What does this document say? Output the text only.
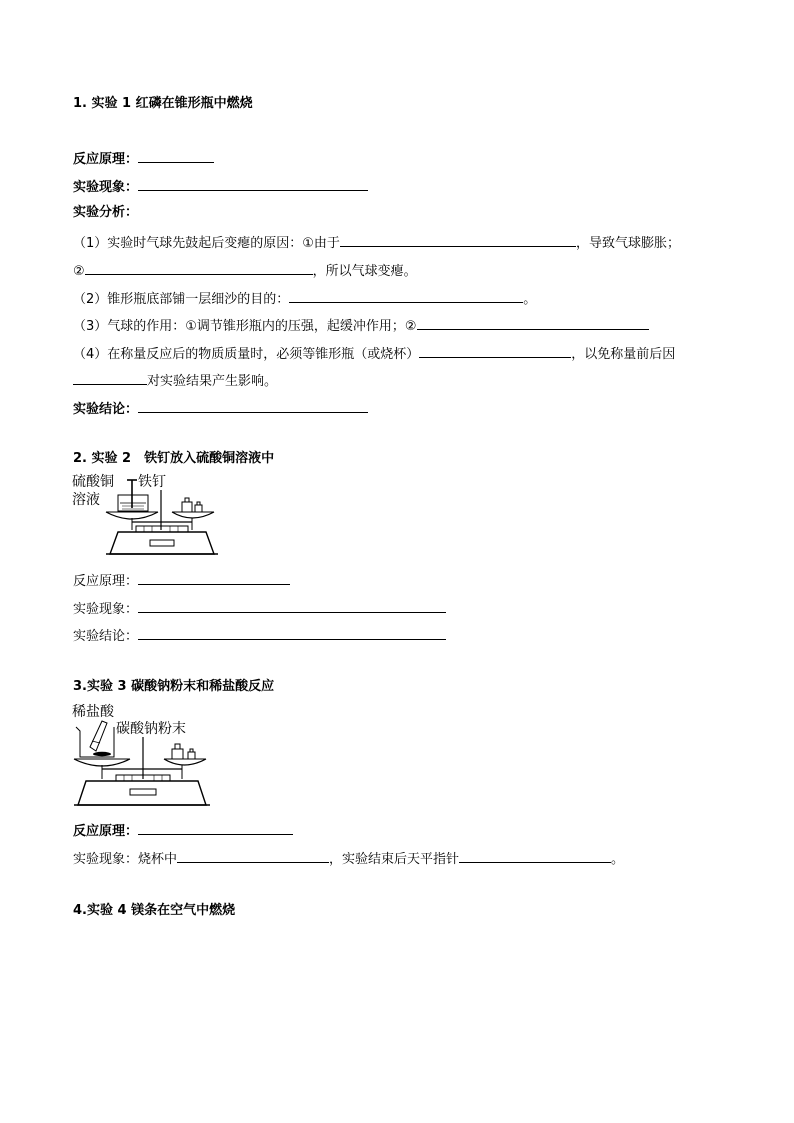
1. 实验 1 红磷在锥形瓶中燃烧
反应原理：
实验现象：
实验分析：
（1）实验时气球先鼓起后变瘪的原因：①由于	，导致气球膨胀；
②	，所以气球变瘪。
（2）锥形瓶底部铺一层细沙的目的：	。
（3）气球的作用：①调节锥形瓶内的压强，起缓冲作用；②
（4）在称量反应后的物质质量时，必须等锥形瓶（或烧杯）	，以免称量前后因
对实验结果产生影响。
实验结论：
2. 实验 2　铁钉放入硫酸铜溶液中
硫酸铜
溶液
铁钉
反应原理：
实验现象：
实验结论：
3.实验 3 碳酸钠粉末和稀盐酸反应
稀盐酸
碳酸钠粉末
反应原理：
实验现象：烧杯中	，实验结束后天平指针	。
4.实验 4 镁条在空气中燃烧
